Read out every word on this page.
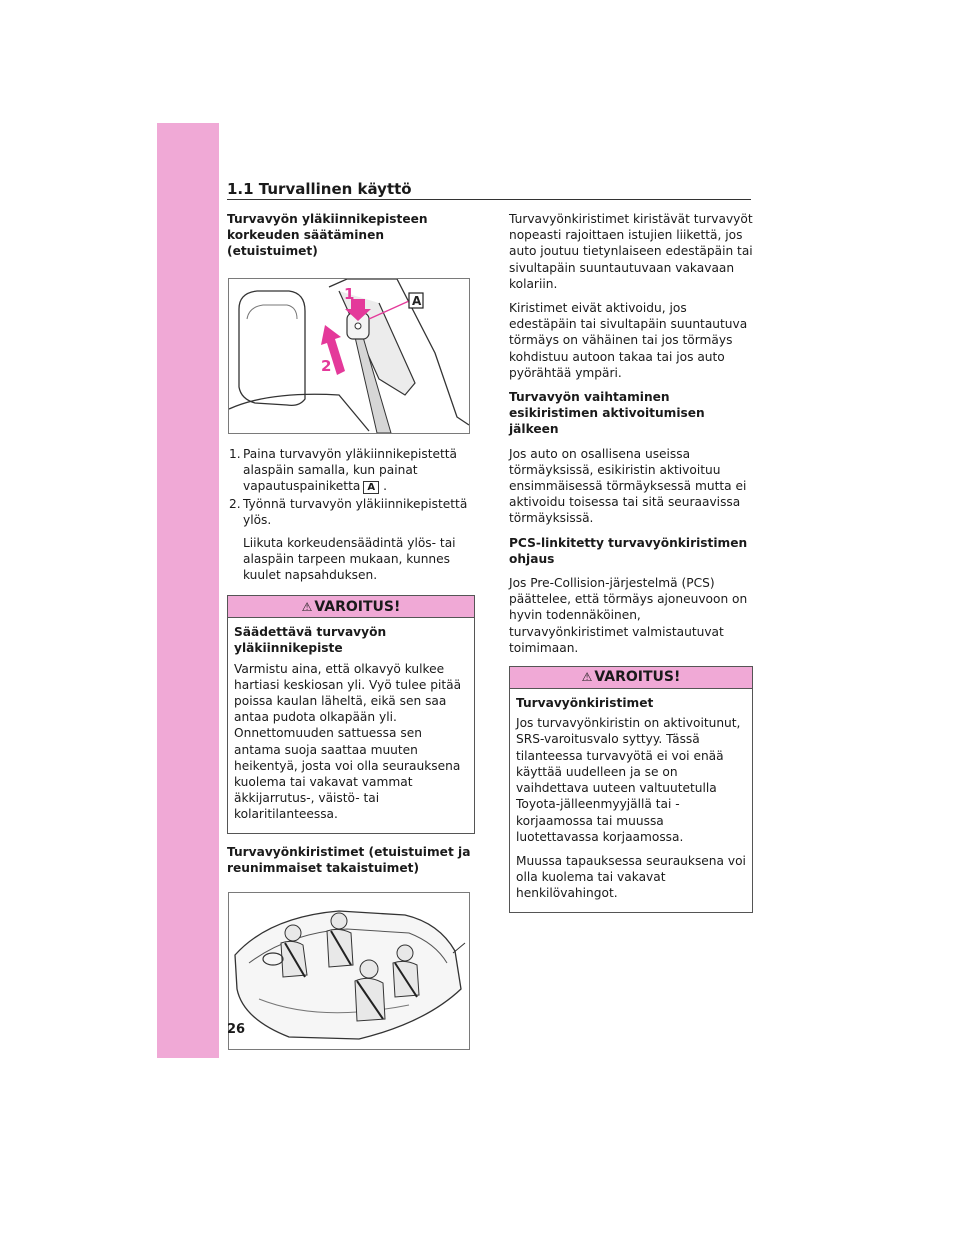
1.1 Turvallinen käyttö
Turvavyön yläkiinnikepisteen korkeuden säätäminen (etuistuimet)
1
2
A
1. Paina turvavyön yläkiinnikepistettä alaspäin samalla, kun painat vapautuspainiketta A .
2. Työnnä turvavyön yläkiinnikepistettä ylös.
Liikuta korkeudensäädintä ylös- tai alaspäin tarpeen mukaan, kunnes kuulet napsahduksen.
⚠ VAROITUS!
Säädettävä turvavyön yläkiinnikepiste

Varmistu aina, että olkavyö kulkee hartiasi keskiosan yli. Vyö tulee pitää poissa kaulan läheltä, eikä sen saa antaa pudota olkapään yli. Onnettomuuden sattuessa sen antama suoja saattaa muuten heikentyä, josta voi olla seurauksena kuolema tai vakavat vammat äkkijarrutus-, väistö- tai kolaritilanteessa.

Turvavyönkiristimet (etuistuimet ja reunimmaiset takaistuimet)

Turvavyönkiristimet kiristävät turvavyöt nopeasti rajoittaen istujien liikettä, jos auto joutuu tietynlaiseen edestäpäin tai sivultapäin suuntautuvaan vakavaan kolariin.

Kiristimet eivät aktivoidu, jos edestäpäin tai sivultapäin suuntautuva törmäys on vähäinen tai jos törmäys kohdistuu autoon takaa tai jos auto pyörähtää ympäri.

Turvavyön vaihtaminen esikiristimen aktivoitumisen jälkeen

Jos auto on osallisena useissa törmäyksissä, esikiristin aktivoituu ensimmäisessä törmäyksessä mutta ei aktivoidu toisessa tai sitä seuraavissa törmäyksissä.

PCS-linkitetty turvavyönkiristimen ohjaus

Jos Pre-Collision-järjestelmä (PCS) päättelee, että törmäys ajoneuvoon on hyvin todennäköinen, turvavyönkiristimet valmistautuvat toimimaan.

⚠ VAROITUS!
Turvavyönkiristimet

Jos turvavyönkiristin on aktivoitunut, SRS-varoitusvalo syttyy. Tässä tilanteessa turvavyötä ei voi enää käyttää uudelleen ja se on vaihdettava uuteen valtuutetulla Toyota-jälleenmyyjällä tai -korjaamossa tai muussa luotettavassa korjaamossa.

Muussa tapauksessa seurauksena voi olla kuolema tai vakavat henkilövahingot.

26
